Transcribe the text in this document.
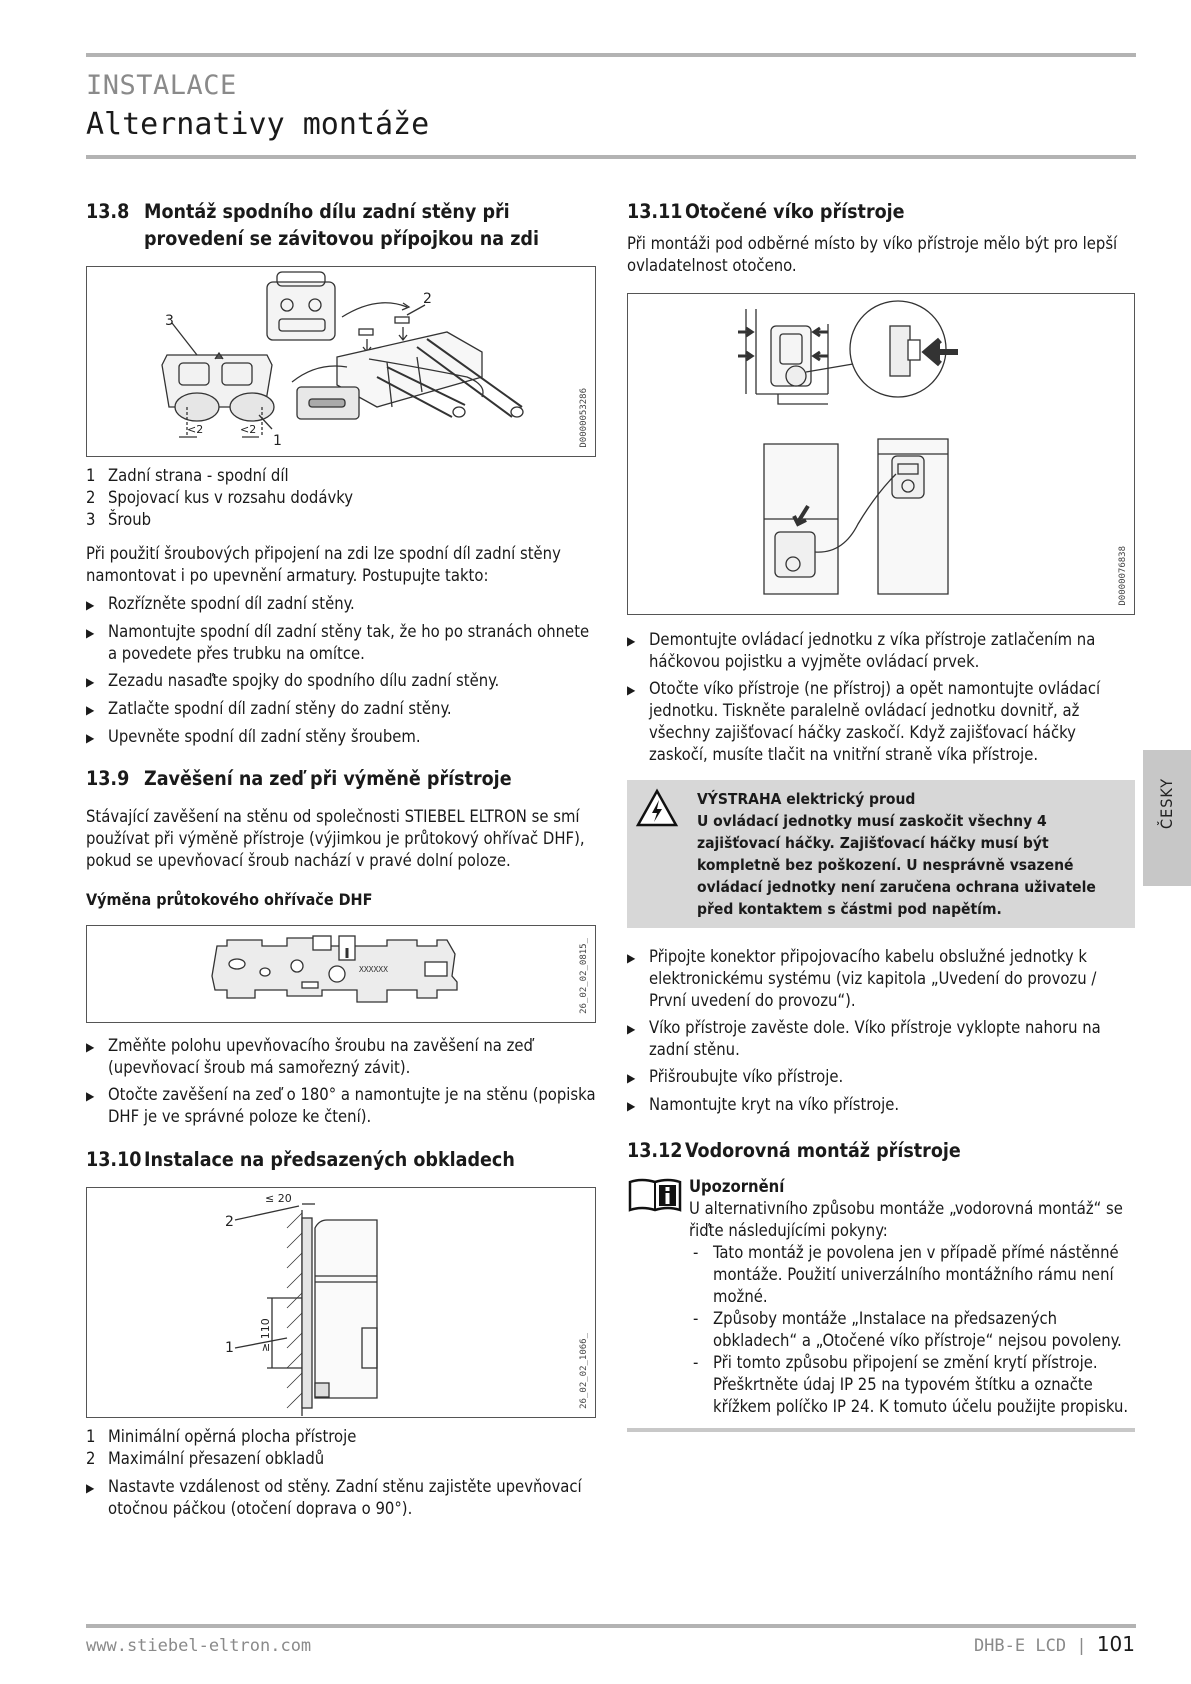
INSTALACE
Alternativy montáže
13.8 Montáž spodního dílu zadní stěny při provedení se závitovou přípojkou na zdi
3
2
1
<2	<2	D0000053286
1 Zadní strana - spodní díl
2 Spojovací kus v rozsahu dodávky
3 Šroub

Při použití šroubových připojení na zdi lze spodní díl zadní stěny namontovat i po upevnění armatury. Postupujte takto:

▶ Rozřízněte spodní díl zadní stěny.
▶ Namontujte spodní díl zadní stěny tak, že ho po stranách ohnete a povedete přes trubku na omítce.
▶ Zezadu nasaďte spojky do spodního dílu zadní stěny.
▶ Zatlačte spodní díl zadní stěny do zadní stěny.
▶ Upevněte spodní díl zadní stěny šroubem.
13.9 Zavěšení na zeď při výměně přístroje

Stávající zavěšení na stěnu od společnosti STIEBEL ELTRON se smí používat při výměně přístroje (výjimkou je průtokový ohřívač DHF), pokud se upevňovací šroub nachází v pravé dolní poloze.

Výměna průtokového ohřívače DHF
XXXXXX	26_02_02_0815_
▶ Změňte polohu upevňovacího šroubu na zavěšení na zeď (upevňovací šroub má samořezný závit).
▶ Otočte zavěšení na zeď o 180° a namontujte je na stěnu (popiska DHF je ve správné poloze ke čtení).
13.10 Instalace na předsazených obkladech
≤ 20
≥ 110
1
2
26_02_02_1066_
1 Minimální opěrná plocha přístroje
2 Maximální přesazení obkladů
▶ Nastavte vzdálenost od stěny. Zadní stěnu zajistěte upevňovací otočnou páčkou (otočení doprava o 90°).
13.11 Otočené víko přístroje

Při montáži pod odběrné místo by víko přístroje mělo být pro lepší ovladatelnost otočeno.

D0000076838
▶ Demontujte ovládací jednotku z víka přístroje zatlačením na háčkovou pojistku a vyjměte ovládací prvek.
▶ Otočte víko přístroje (ne přístroj) a opět namontujte ovládací jednotku. Tiskněte paralelně ovládací jednotku dovnitř, až všechny zajišťovací háčky zaskočí. Když zajišťovací háčky zaskočí, musíte tlačit na vnitřní straně víka přístroje.
VÝSTRAHA elektrický proud
U ovládací jednotky musí zaskočit všechny 4 zajišťovací háčky. Zajišťovací háčky musí být kompletně bez poškození. U nesprávně vsazené ovládací jednotky není zaručena ochrana uživatele před kontaktem s částmi pod napětím.
▶ Připojte konektor připojovacího kabelu obslužné jednotky k elektronickému systému (viz kapitola „Uvedení do provozu / První uvedení do provozu“).
▶ Víko přístroje zavěste dole. Víko přístroje vyklopte nahoru na zadní stěnu.
▶ Přišroubujte víko přístroje.
▶ Namontujte kryt na víko přístroje.
13.12 Vodorovná montáž přístroje
Upozornění
U alternativního způsobu montáže „vodorovná montáž“ se řiďte následujícími pokyny:
- Tato montáž je povolena jen v případě přímé nástěnné montáže. Použití univerzálního montážního rámu není možné.
- Způsoby montáže „Instalace na předsazených obkladech“ a „Otočené víko přístroje“ nejsou povoleny.
- Při tomto způsobu připojení se změní krytí přístroje. Přeškrtněte údaj IP 25 na typovém štítku a označte křížkem políčko IP 24. K tomuto účelu použijte propisku.
ČESKY
www.stiebel-eltron.com	DHB-E LCD | 101
